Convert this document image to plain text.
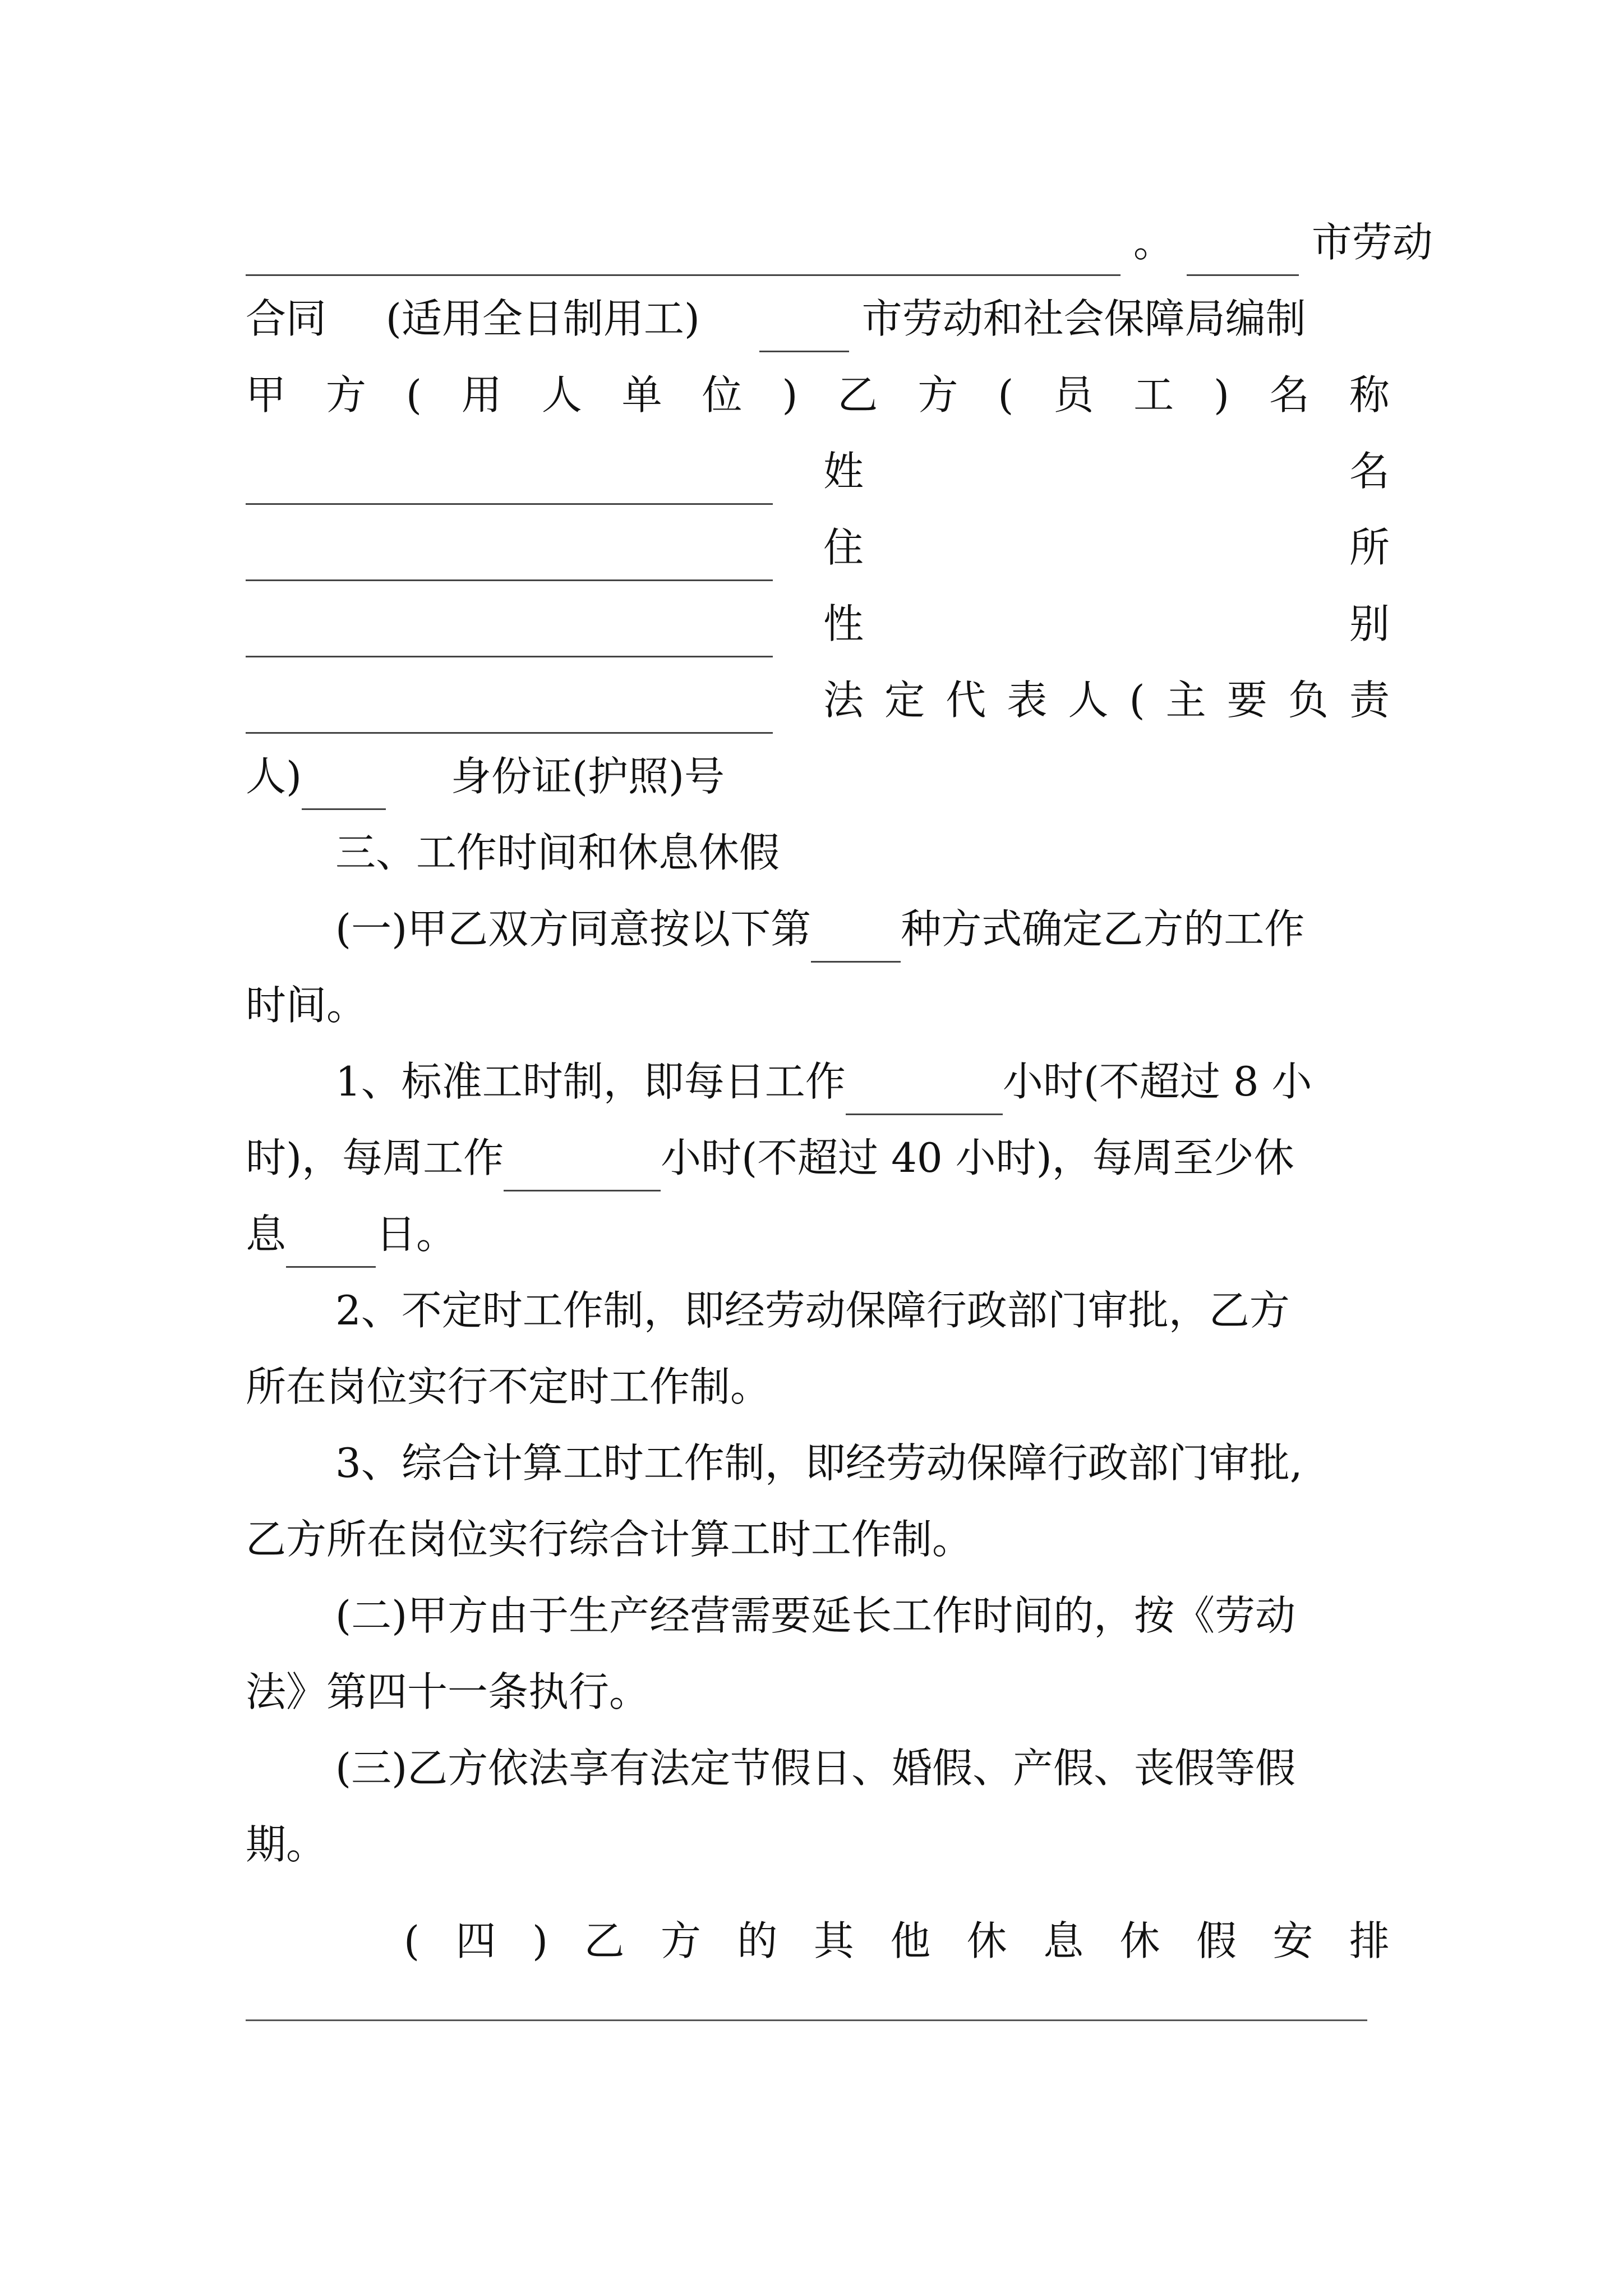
。	市劳动
合同 (适用全日制用工)	市劳动和社会保障局编制
甲 方 ( 用 人 单 位 ) 乙 方 ( 员 工 ) 名 称
姓	名
住	所
性	别
法 定 代 表 人 ( 主 要 负 责
人)	身份证(护照)号
三、工作时间和休息休假
(一)甲乙双方同意按以下第 种方式确定乙方的工作
时间。
1、标准工时制，即每日工作	小时(不超过 8 小
时)，每周工作	小时(不超过 40 小时)，每周至少休
息 日。
2、不定时工作制，即经劳动保障行政部门审批，乙方
所在岗位实行不定时工作制。
3、综合计算工时工作制，即经劳动保障行政部门审批,
乙方所在岗位实行综合计算工时工作制。
(二)甲方由于生产经营需要延长工作时间的，按《劳动
法》第四十一条执行。
(三)乙方依法享有法定节假日、婚假、产假、丧假等假
期。
( 四 ) 乙 方 的 其 他 休 息 休 假 安 排
